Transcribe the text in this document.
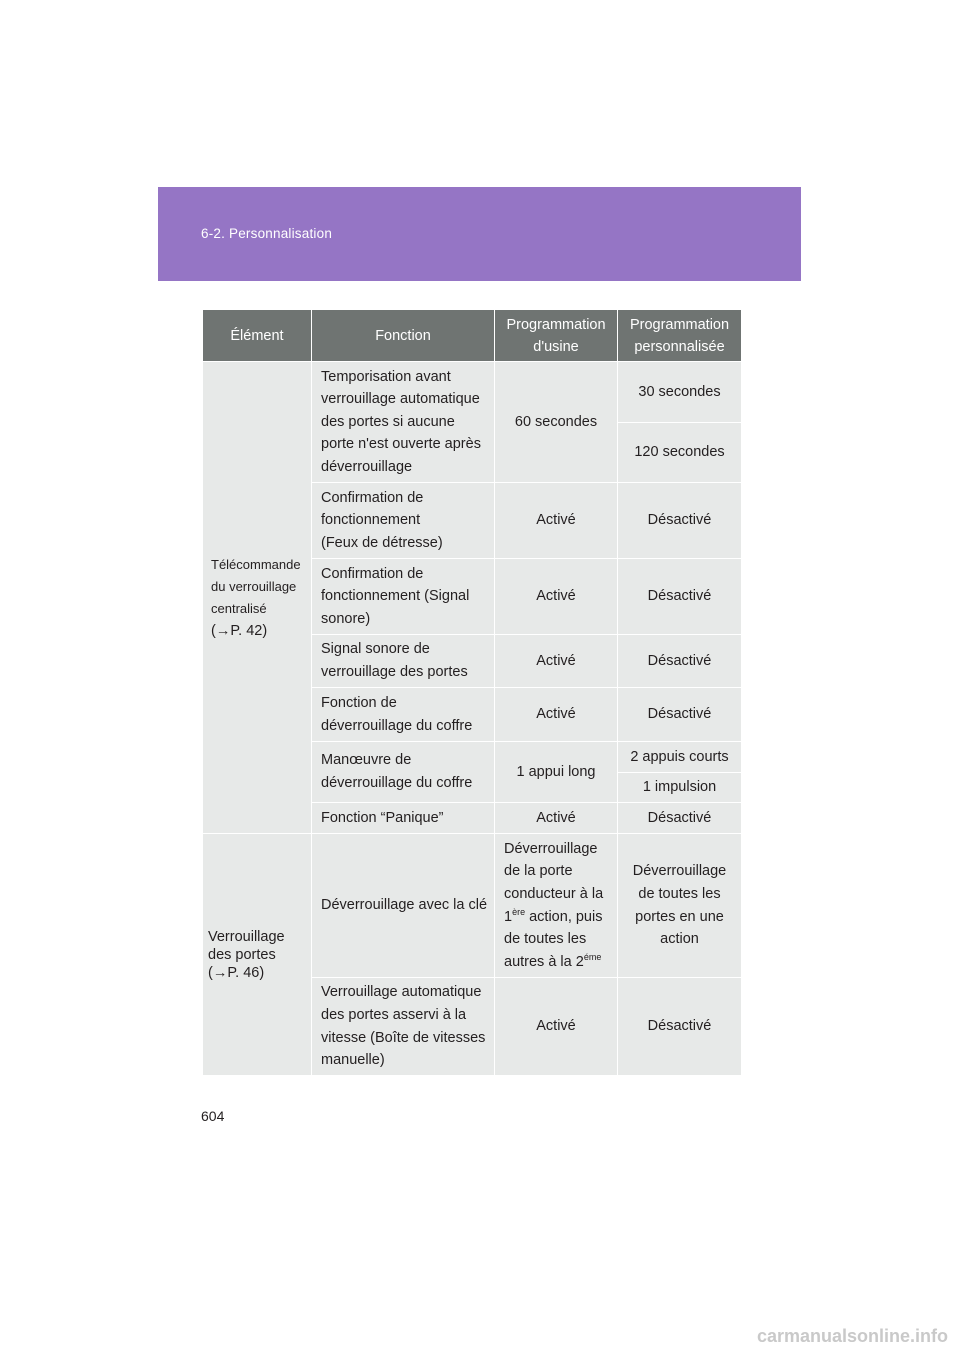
6-2. Personnalisation
Élément	Fonction	Programmation d'usine	Programmation personnalisée

Télécommande
du verrouillage
centralisé
(→P. 42)	Temporisation avant verrouillage automatique des portes si aucune porte n'est ouverte après déverrouillage	60 secondes	30 secondes
			120 secondes

	Confirmation de
fonctionnement
(Feux de détresse)	Activé	Désactivé
	Confirmation de fonctionnement (Signal sonore)	Activé	Désactivé
	Signal sonore de verrouillage des portes	Activé	Désactivé
	Fonction de déverrouillage du coffre	Activé	Désactivé
	Manœuvre de déverrouillage du coffre	1 appui long	2 appuis courts
			1 impulsion
	Fonction “Panique”	Activé	Désactivé

Verrouillage
des portes
(→P. 46)	Déverrouillage avec la clé	Déverrouillage de la porte conducteur à la 1ère action, puis de toutes les autres à la $2^{éme}$	Déverrouillage de toutes les portes en une action
	Verrouillage automatique des portes asservi à la vitesse (Boîte de vitesses manuelle)	Activé	Désactivé
604
carmanualsonline.info
